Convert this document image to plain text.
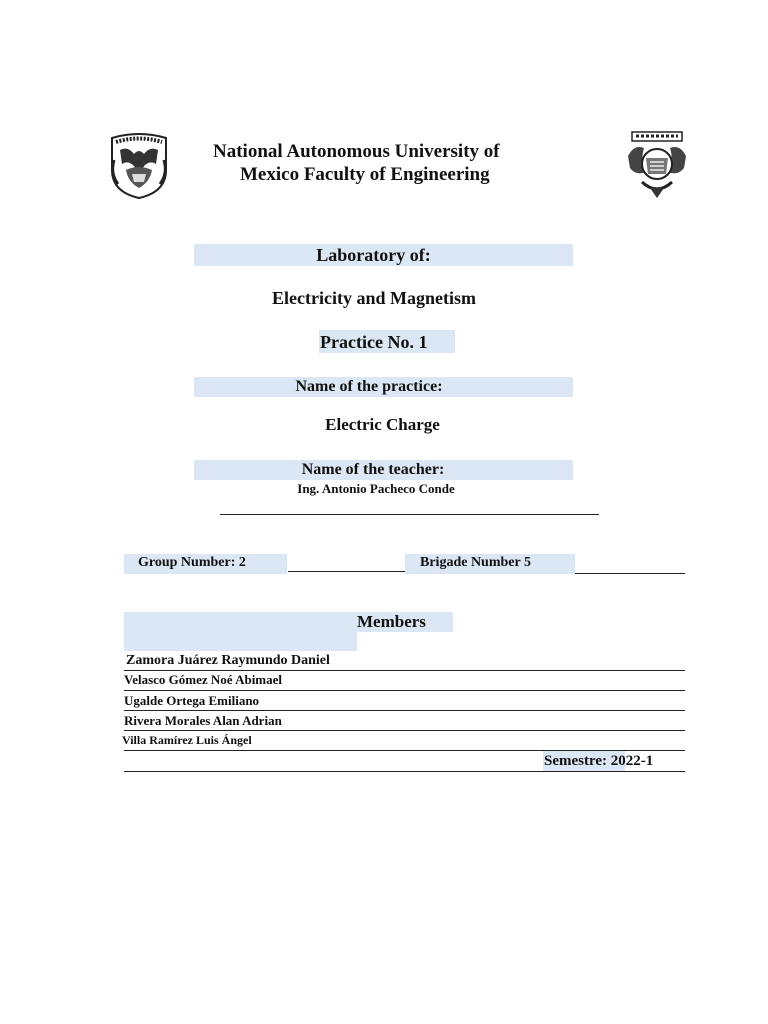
National Autonomous University of
Mexico Faculty of Engineering
Laboratory of:
Electricity and Magnetism
Practice No. 1
Name of the practice:
Electric Charge
Name of the teacher:
Ing. Antonio Pacheco Conde
Group Number: 2	Brigade Number 5
Members
Zamora Juárez Raymundo Daniel
Velasco Gómez Noé Abimael
Ugalde Ortega Emiliano
Rivera Morales Alan Adrian
Villa Ramírez Luis Ángel
Semestre: 2022-1
